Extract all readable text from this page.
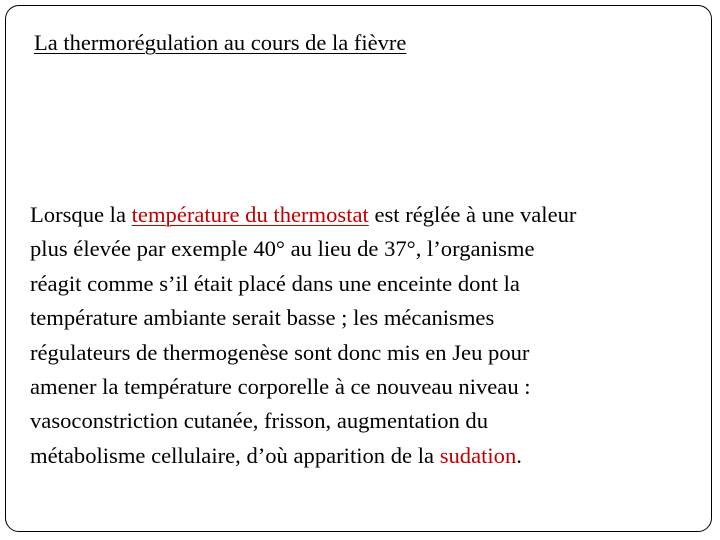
La thermorégulation au cours de la fièvre

Lorsque la température du thermostat est réglée à une valeur
plus élevée par exemple 40° au lieu de 37°, l’organisme
réagit comme s’il était placé dans une enceinte dont la
température ambiante serait basse ; les mécanismes
régulateurs de thermogenèse sont donc mis en Jeu pour
amener la température corporelle à ce nouveau niveau :
vasoconstriction cutanée, frisson, augmentation du
métabolisme cellulaire, d’où apparition de la sudation.
